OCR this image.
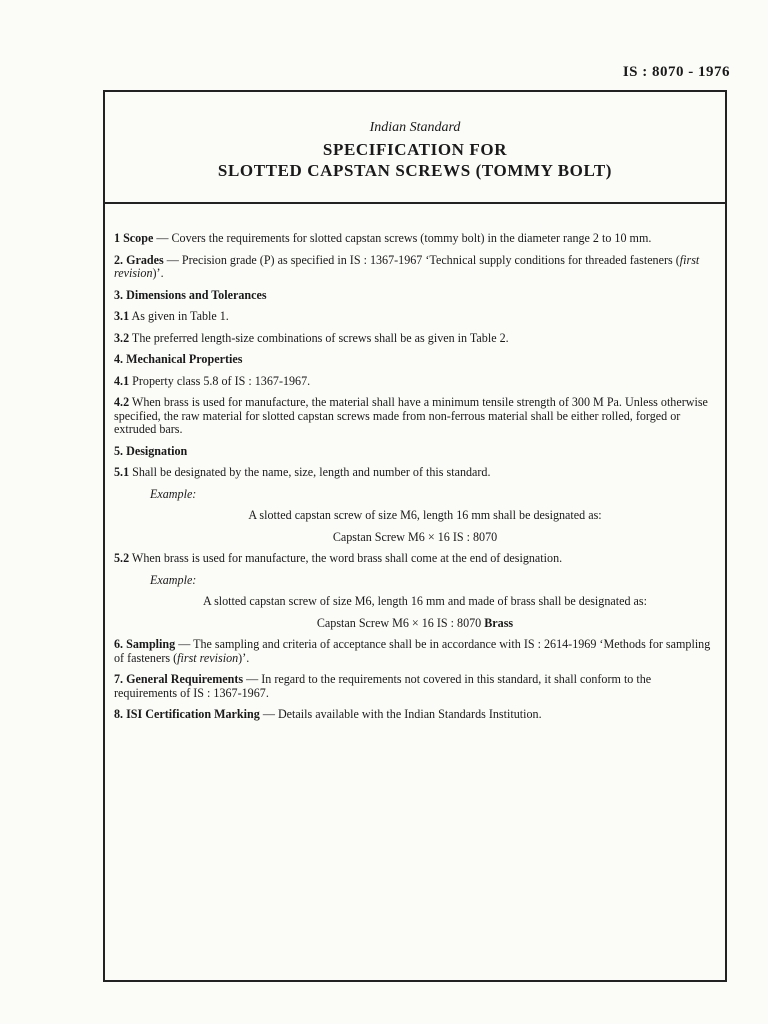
IS : 8070 - 1976
Indian Standard
SPECIFICATION FOR
SLOTTED CAPSTAN SCREWS (TOMMY BOLT)

1 Scope — Covers the requirements for slotted capstan screws (tommy bolt) in the diameter range 2 to 10 mm.

2. Grades — Precision grade (P) as specified in IS : 1367-1967 ‘Technical supply conditions for threaded fasteners (first revision)’.

3. Dimensions and Tolerances

3.1 As given in Table 1.

3.2 The preferred length-size combinations of screws shall be as given in Table 2.

4. Mechanical Properties

4.1 Property class 5.8 of IS : 1367-1967.

4.2 When brass is used for manufacture, the material shall have a minimum tensile strength of 300 M Pa. Unless otherwise specified, the raw material for slotted capstan screws made from non-ferrous material shall be either rolled, forged or extruded bars.

5. Designation

5.1 Shall be designated by the name, size, length and number of this standard.

Example:

A slotted capstan screw of size M6, length 16 mm shall be designated as:

Capstan Screw M6 × 16 IS : 8070

5.2 When brass is used for manufacture, the word brass shall come at the end of designation.

Example:

A slotted capstan screw of size M6, length 16 mm and made of brass shall be designated as:

Capstan Screw M6 × 16 IS : 8070 Brass

6. Sampling — The sampling and criteria of acceptance shall be in accordance with IS : 2614-1969 ‘Methods for sampling of fasteners (first revision)’.

7. General Requirements — In regard to the requirements not covered in this standard, it shall conform to the requirements of IS : 1367-1967.

8. ISI Certification Marking — Details available with the Indian Standards Institution.
